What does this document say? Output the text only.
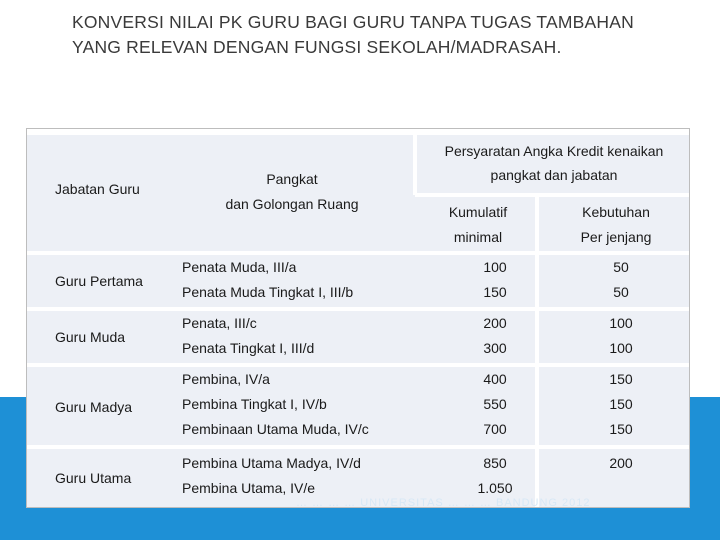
KONVERSI NILAI PK GURU BAGI GURU TANPA TUGAS TAMBAHAN YANG RELEVAN DENGAN FUNGSI SEKOLAH/MADRASAH.
Jabatan Guru
Pangkat
dan Golongan Ruang
Persyaratan Angka Kredit kenaikan
pangkat dan jabatan
Kumulatif
minimal
Kebutuhan
Per jenjang
Guru Pertama
Penata Muda, III/a
Penata Muda Tingkat I, III/b
100
150
50
50
Guru Muda
Penata, III/c
Penata Tingkat I, III/d
200
300
100
100
Guru Madya
Pembina, IV/a
Pembina Tingkat I, IV/b
Pembinaan Utama Muda, IV/c
400
550
700
150
150
150
Guru Utama
Pembina Utama Madya, IV/d
Pembina Utama, IV/e
850
1.050
200
… … … … UNIVERSITAS … … … BANDUNG 2012
